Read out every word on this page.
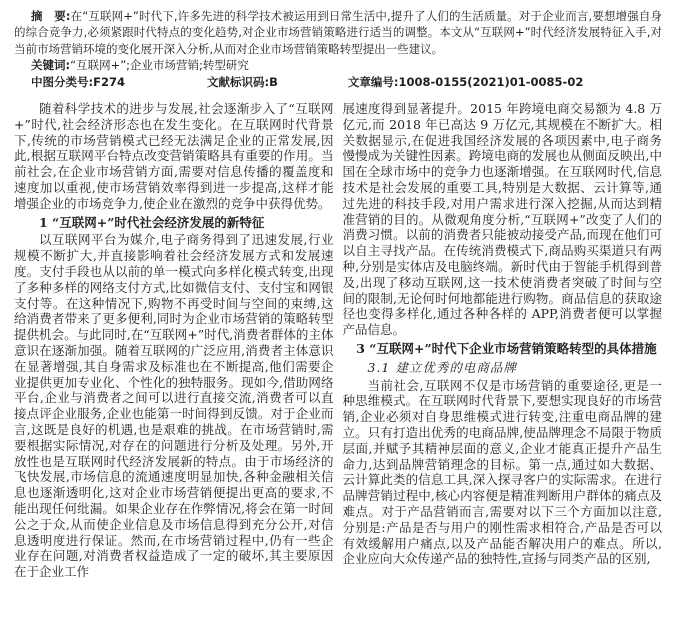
摘　要:在“互联网+”时代下,许多先进的科学技术被运用到日常生活中,提升了人们的生活质量。对于企业而言,要想增强自身的综合竞争力,必须紧跟时代特点的变化趋势,对企业市场营销策略进行适当的调整。本文从“互联网+”时代经济发展特征入手,对当前市场营销环境的变化展开深入分析,从而对企业市场营销策略转型提出一些建议。

关键词:“互联网+”;企业市场营销;转型研究

中图分类号:F274	文献标识码:B	文章编号:1008-0155(2021)01-0085-02

随着科学技术的进步与发展,社会逐渐步入了“互联网+”时代,社会经济形态也在发生变化。在互联网时代背景下,传统的市场营销模式已经无法满足企业的正常发展,因此,根据互联网平台特点改变营销策略具有重要的作用。当前社会,在企业市场营销方面,需要对信息传播的覆盖度和速度加以重视,使市场营销效率得到进一步提高,这样才能增强企业的市场竞争力,使企业在激烈的竞争中获得优势。

1 “互联网+”时代社会经济发展的新特征

以互联网平台为媒介,电子商务得到了迅速发展,行业规模不断扩大,并直接影响着社会经济发展方式和发展速度。支付手段也从以前的单一模式向多样化模式转变,出现了多种多样的网络支付方式,比如微信支付、支付宝和网银支付等。在这种情况下,购物不再受时间与空间的束缚,这给消费者带来了更多便利,同时为企业市场营销的策略转型提供机会。与此同时,在“互联网+”时代,消费者群体的主体意识在逐渐加强。随着互联网的广泛应用,消费者主体意识在显著增强,其自身需求及标准也在不断提高,他们需要企业提供更加专业化、个性化的独特服务。现如今,借助网络平台,企业与消费者之间可以进行直接交流,消费者可以直接点评企业服务,企业也能第一时间得到反馈。对于企业而言,这既是良好的机遇,也是艰难的挑战。在市场营销时,需要根据实际情况,对存在的问题进行分析及处理。另外,开放性也是互联网时代经济发展新的特点。由于市场经济的飞快发展,市场信息的流通速度明显加快,各种金融相关信息也逐渐透明化,这对企业市场营销便提出更高的要求,不能出现任何纰漏。如果企业存在作弊情况,将会在第一时间公之于众,从而使企业信息及市场信息得到充分公开,对信息透明度进行保证。然而,在市场营销过程中,仍有一些企业存在问题,对消费者权益造成了一定的破坏,其主要原因在于企业工作

展速度得到显著提升。2015 年跨境电商交易额为 4.8 万亿元,而 2018 年已高达 9 万亿元,其规模在不断扩大。相关数据显示,在促进我国经济发展的各项因素中,电子商务慢慢成为关键性因素。跨境电商的发展也从侧面反映出,中国在全球市场中的竞争力也逐渐增强。在互联网时代,信息技术是社会发展的重要工具,特别是大数据、云计算等,通过先进的科技手段,对用户需求进行深入挖掘,从而达到精准营销的目的。从微观角度分析,“互联网+”改变了人们的消费习惯。以前的消费者只能被动接受产品,而现在他们可以自主寻找产品。在传统消费模式下,商品购买渠道只有两种,分别是实体店及电脑终端。新时代由于智能手机得到普及,出现了移动互联网,这一技术使消费者突破了时间与空间的限制,无论何时何地都能进行购物。商品信息的获取途径也变得多样化,通过各种各样的 APP,消费者便可以掌握产品信息。

3 “互联网+”时代下企业市场营销策略转型的具体措施

3.1 建立优秀的电商品牌

当前社会,互联网不仅是市场营销的重要途径,更是一种思维模式。在互联网时代背景下,要想实现良好的市场营销,企业必须对自身思维模式进行转变,注重电商品牌的建立。只有打造出优秀的电商品牌,使品牌理念不局限于物质层面,并赋予其精神层面的意义,企业才能真正提升产品生命力,达到品牌营销理念的目标。第一点,通过如大数据、云计算此类的信息工具,深入探寻客户的实际需求。在进行品牌营销过程中,核心内容便是精准判断用户群体的痛点及难点。对于产品营销而言,需要对以下三个方面加以注意,分别是:产品是否与用户的刚性需求相符合,产品是否可以有效缓解用户痛点,以及产品能否解决用户的难点。所以,企业应向大众传递产品的独特性,宣扬与同类产品的区别,
